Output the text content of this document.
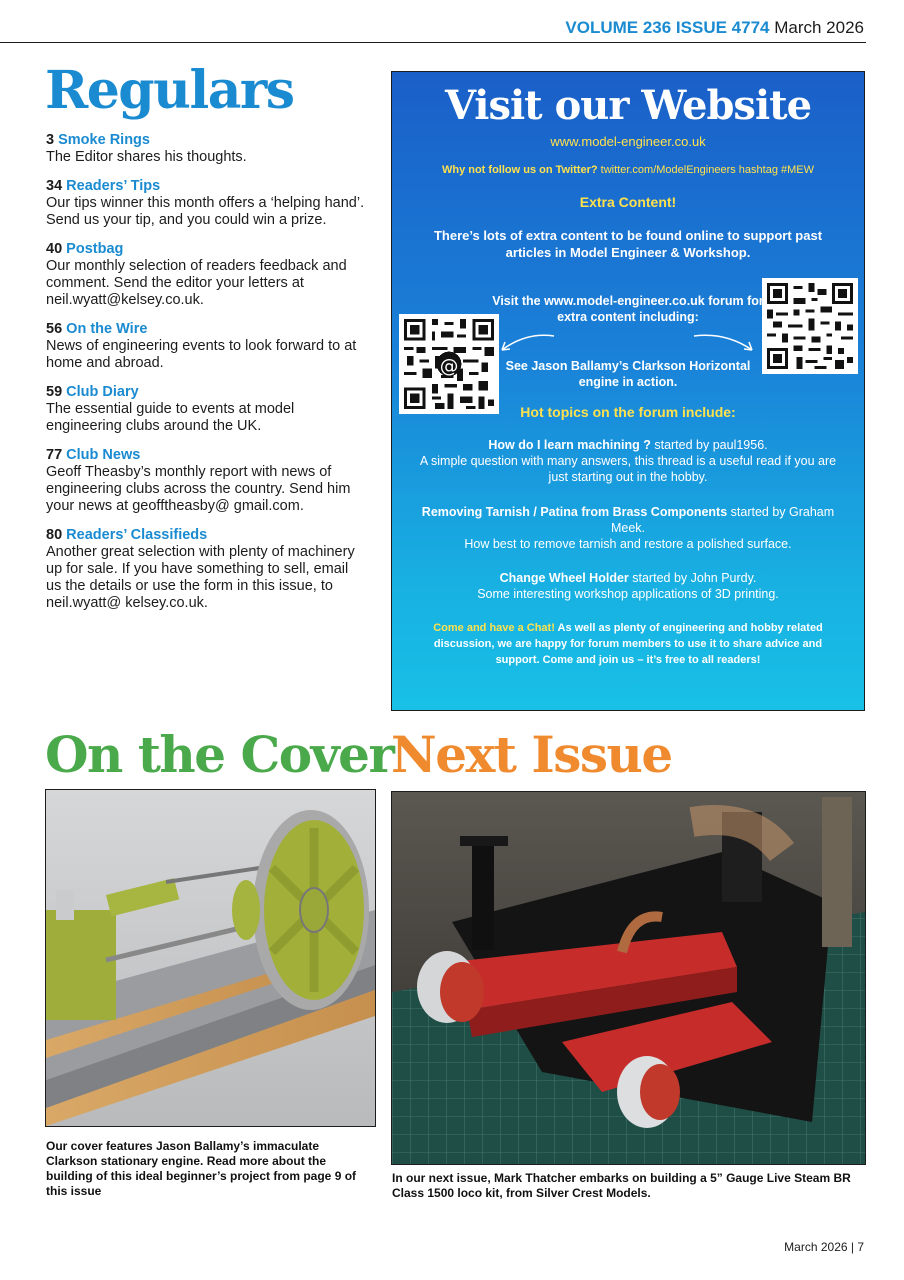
VOLUME 236 ISSUE 4774 March 2026
Regulars
3 Smoke Rings
The Editor shares his thoughts.
34 Readers’ Tips
Our tips winner this month offers a ‘helping hand’. Send us your tip, and you could win a prize.
40 Postbag
Our monthly selection of readers feedback and comment. Send the editor your letters at neil.wyatt@kelsey.co.uk.
56 On the Wire
News of engineering events to look forward to at home and abroad.
59 Club Diary
The essential guide to events at model engineering clubs around the UK.
77 Club News
Geoff Theasby’s monthly report with news of engineering clubs across the country. Send him your news at geofftheasby@ gmail.com.
80 Readers’ Classifieds
Another great selection with plenty of machinery up for sale. If you have something to sell, email us the details or use the form in this issue, to neil.wyatt@ kelsey.co.uk.
Visit our Website
www.model-engineer.co.uk
Why not follow us on Twitter? twitter.com/ModelEngineers hashtag #MEW
Extra Content!
There’s lots of extra content to be found online to support past articles in Model Engineer & Workshop.
@
Visit the www.model-engineer.co.uk forum for extra content including:
See Jason Ballamy’s Clarkson Horizontal engine in action.
Hot topics on the forum include:
How do I learn machining ? started by paul1956.
A simple question with many answers, this thread is a useful read if you are just starting out in the hobby.
Removing Tarnish / Patina from Brass Components started by Graham Meek.
How best to remove tarnish and restore a polished surface.
Change Wheel Holder started by John Purdy.
Some interesting workshop applications of 3D printing.
Come and have a Chat! As well as plenty of engineering and hobby related discussion, we are happy for forum members to use it to share advice and support. Come and join us – it’s free to all readers!
On the Cover
Next Issue
Our cover features Jason Ballamy’s immaculate Clarkson stationary engine. Read more about the building of this ideal beginner’s project from page 9 of this issue
In our next issue, Mark Thatcher embarks on building a 5” Gauge Live Steam BR Class 1500 loco kit, from Silver Crest Models.
March 2026 | 7
